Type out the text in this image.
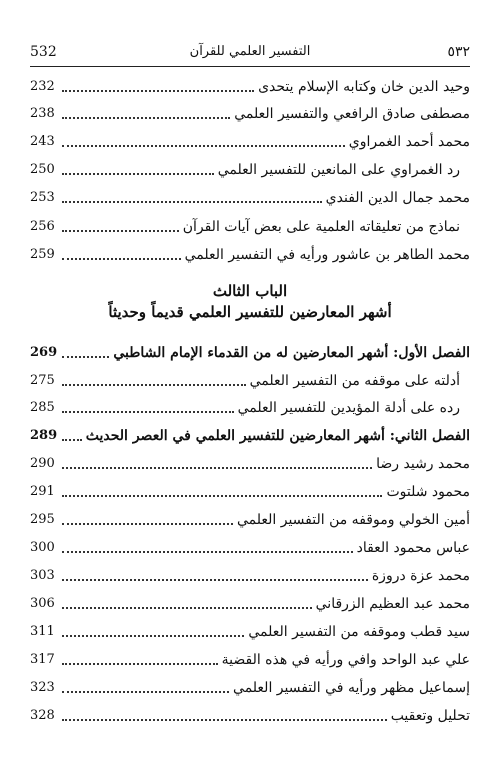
532	التفسير العلمي للقرآن	٥٣٢
232	وحيد الدين خان وكتابه الإسلام يتحدى
238	مصطفى صادق الرافعي والتفسير العلمي
243	محمد أحمد الغمراوي
250	رد الغمراوي على المانعين للتفسير العلمي
253	محمد جمال الدين الفندي
256	نماذج من تعليقاته العلمية على بعض آيات القرآن
259	محمد الطاهر بن عاشور ورأيه في التفسير العلمي
الباب الثالث
أشهر المعارضين للتفسير العلمي قديماً وحديثاً
269	الفصل الأول: أشهر المعارضين له من القدماء الإمام الشاطبي
275	أدلته على موقفه من التفسير العلمي
285	رده على أدلة المؤيدين للتفسير العلمي
289 الفصل الثاني: أشهر المعارضين للتفسير العلمي في العصر الحديث
290	محمد رشيد رضا
291	محمود شلتوت
295	أمين الخولي وموقفه من التفسير العلمي
300	عباس محمود العقاد
303	محمد عزة دروزة
306	محمد عبد العظيم الزرقاني
311	سيد قطب وموقفه من التفسير العلمي
317	علي عبد الواحد وافي ورأيه في هذه القضية
323	إسماعيل مظهر ورأيه في التفسير العلمي
328	تحليل وتعقيب
